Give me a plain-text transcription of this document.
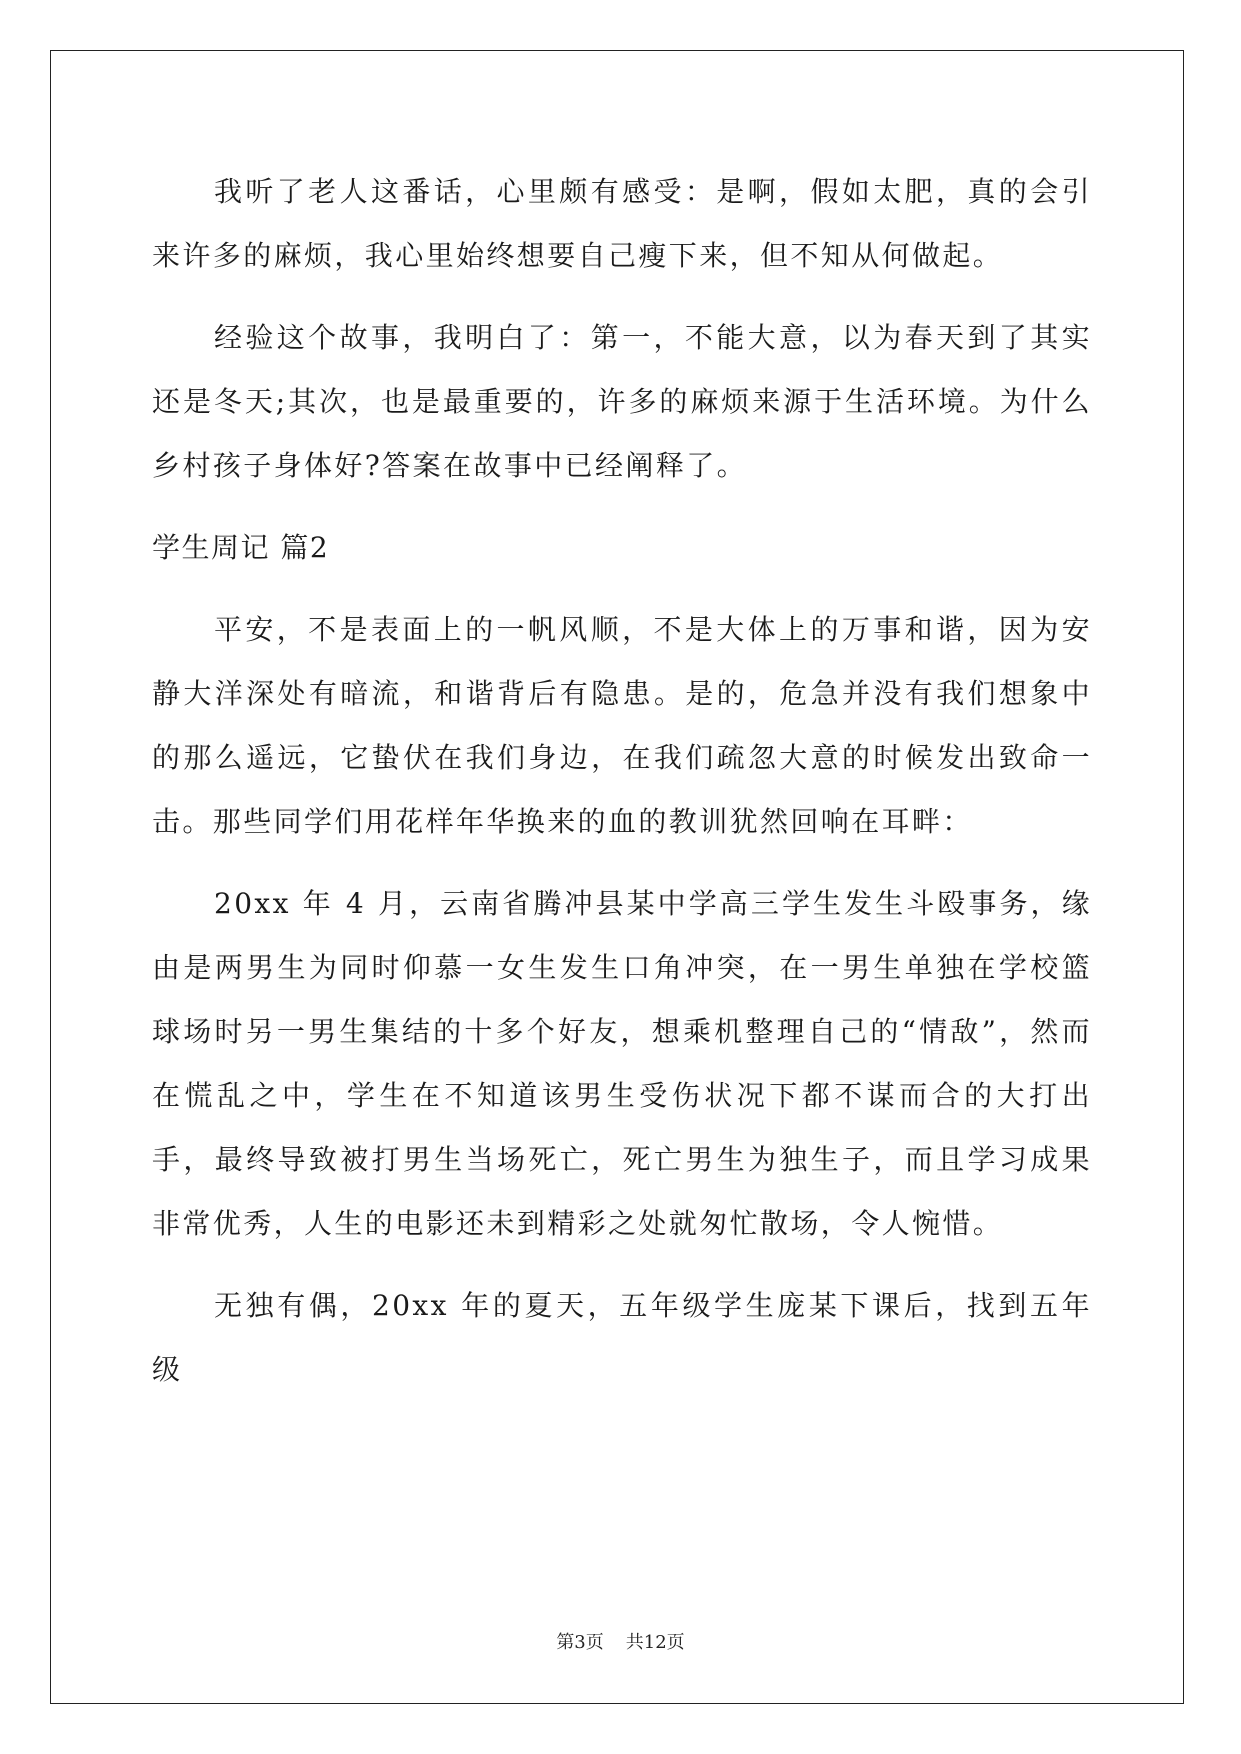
我听了老人这番话，心里颇有感受：是啊，假如太肥，真的会引来许多的麻烦，我心里始终想要自己瘦下来，但不知从何做起。

经验这个故事，我明白了：第一，不能大意，以为春天到了其实还是冬天;其次，也是最重要的，许多的麻烦来源于生活环境。为什么乡村孩子身体好?答案在故事中已经阐释了。

学生周记 篇2

平安，不是表面上的一帆风顺，不是大体上的万事和谐，因为安静大洋深处有暗流，和谐背后有隐患。是的，危急并没有我们想象中的那么遥远，它蛰伏在我们身边，在我们疏忽大意的时候发出致命一击。那些同学们用花样年华换来的血的教训犹然回响在耳畔：

20xx 年 4 月，云南省腾冲县某中学高三学生发生斗殴事务，缘由是两男生为同时仰慕一女生发生口角冲突，在一男生单独在学校篮球场时另一男生集结的十多个好友，想乘机整理自己的“情敌”，然而在慌乱之中，学生在不知道该男生受伤状况下都不谋而合的大打出手，最终导致被打男生当场死亡，死亡男生为独生子，而且学习成果非常优秀，人生的电影还未到精彩之处就匆忙散场，令人惋惜。

无独有偶，20xx 年的夏天，五年级学生庞某下课后，找到五年级

第3页 共12页
